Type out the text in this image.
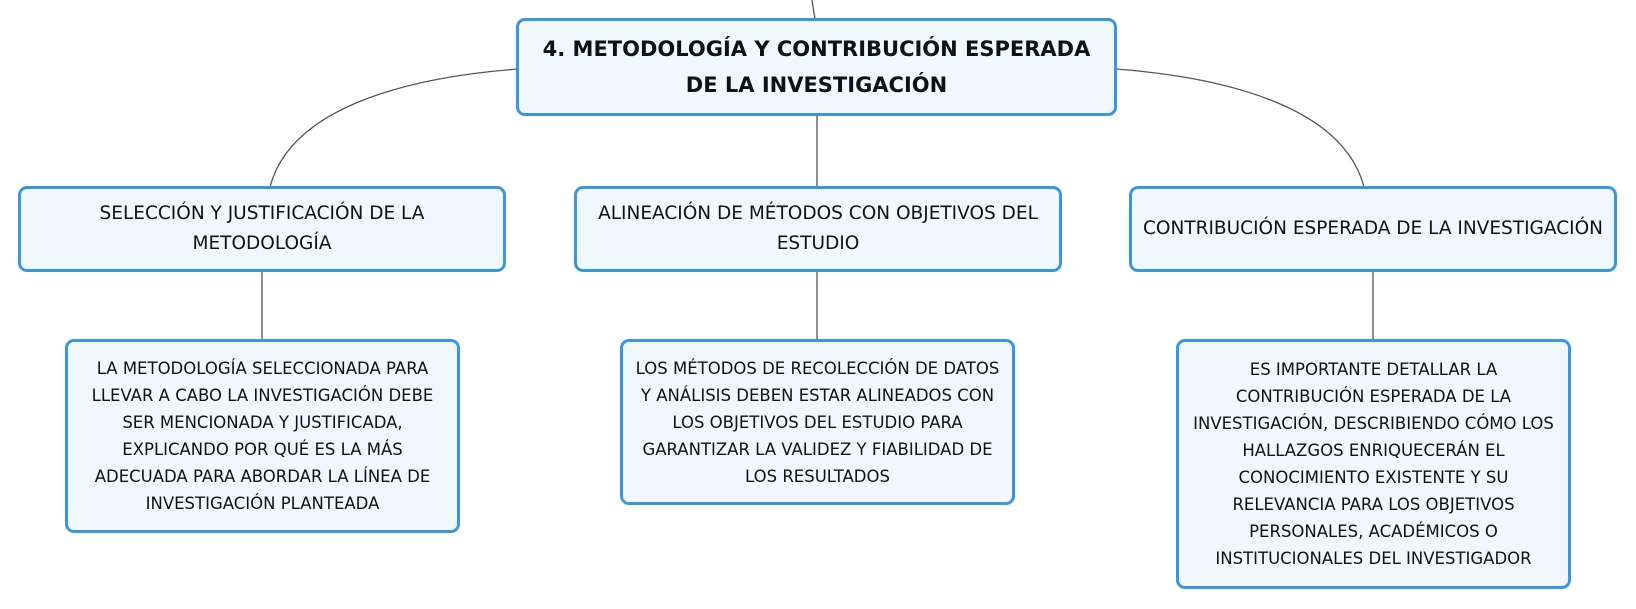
4. METODOLOGÍA Y CONTRIBUCIÓN ESPERADA DE LA INVESTIGACIÓN
SELECCIÓN Y JUSTIFICACIÓN DE LA METODOLOGÍA
ALINEACIÓN DE MÉTODOS CON OBJETIVOS DEL ESTUDIO
CONTRIBUCIÓN ESPERADA DE LA INVESTIGACIÓN
LA METODOLOGÍA SELECCIONADA PARA LLEVAR A CABO LA INVESTIGACIÓN DEBE SER MENCIONADA Y JUSTIFICADA, EXPLICANDO POR QUÉ ES LA MÁS ADECUADA PARA ABORDAR LA LÍNEA DE INVESTIGACIÓN PLANTEADA
LOS MÉTODOS DE RECOLECCIÓN DE DATOS Y ANÁLISIS DEBEN ESTAR ALINEADOS CON LOS OBJETIVOS DEL ESTUDIO PARA GARANTIZAR LA VALIDEZ Y FIABILIDAD DE LOS RESULTADOS
ES IMPORTANTE DETALLAR LA CONTRIBUCIÓN ESPERADA DE LA INVESTIGACIÓN, DESCRIBIENDO CÓMO LOS HALLAZGOS ENRIQUECERÁN EL CONOCIMIENTO EXISTENTE Y SU RELEVANCIA PARA LOS OBJETIVOS PERSONALES, ACADÉMICOS O INSTITUCIONALES DEL INVESTIGADOR
